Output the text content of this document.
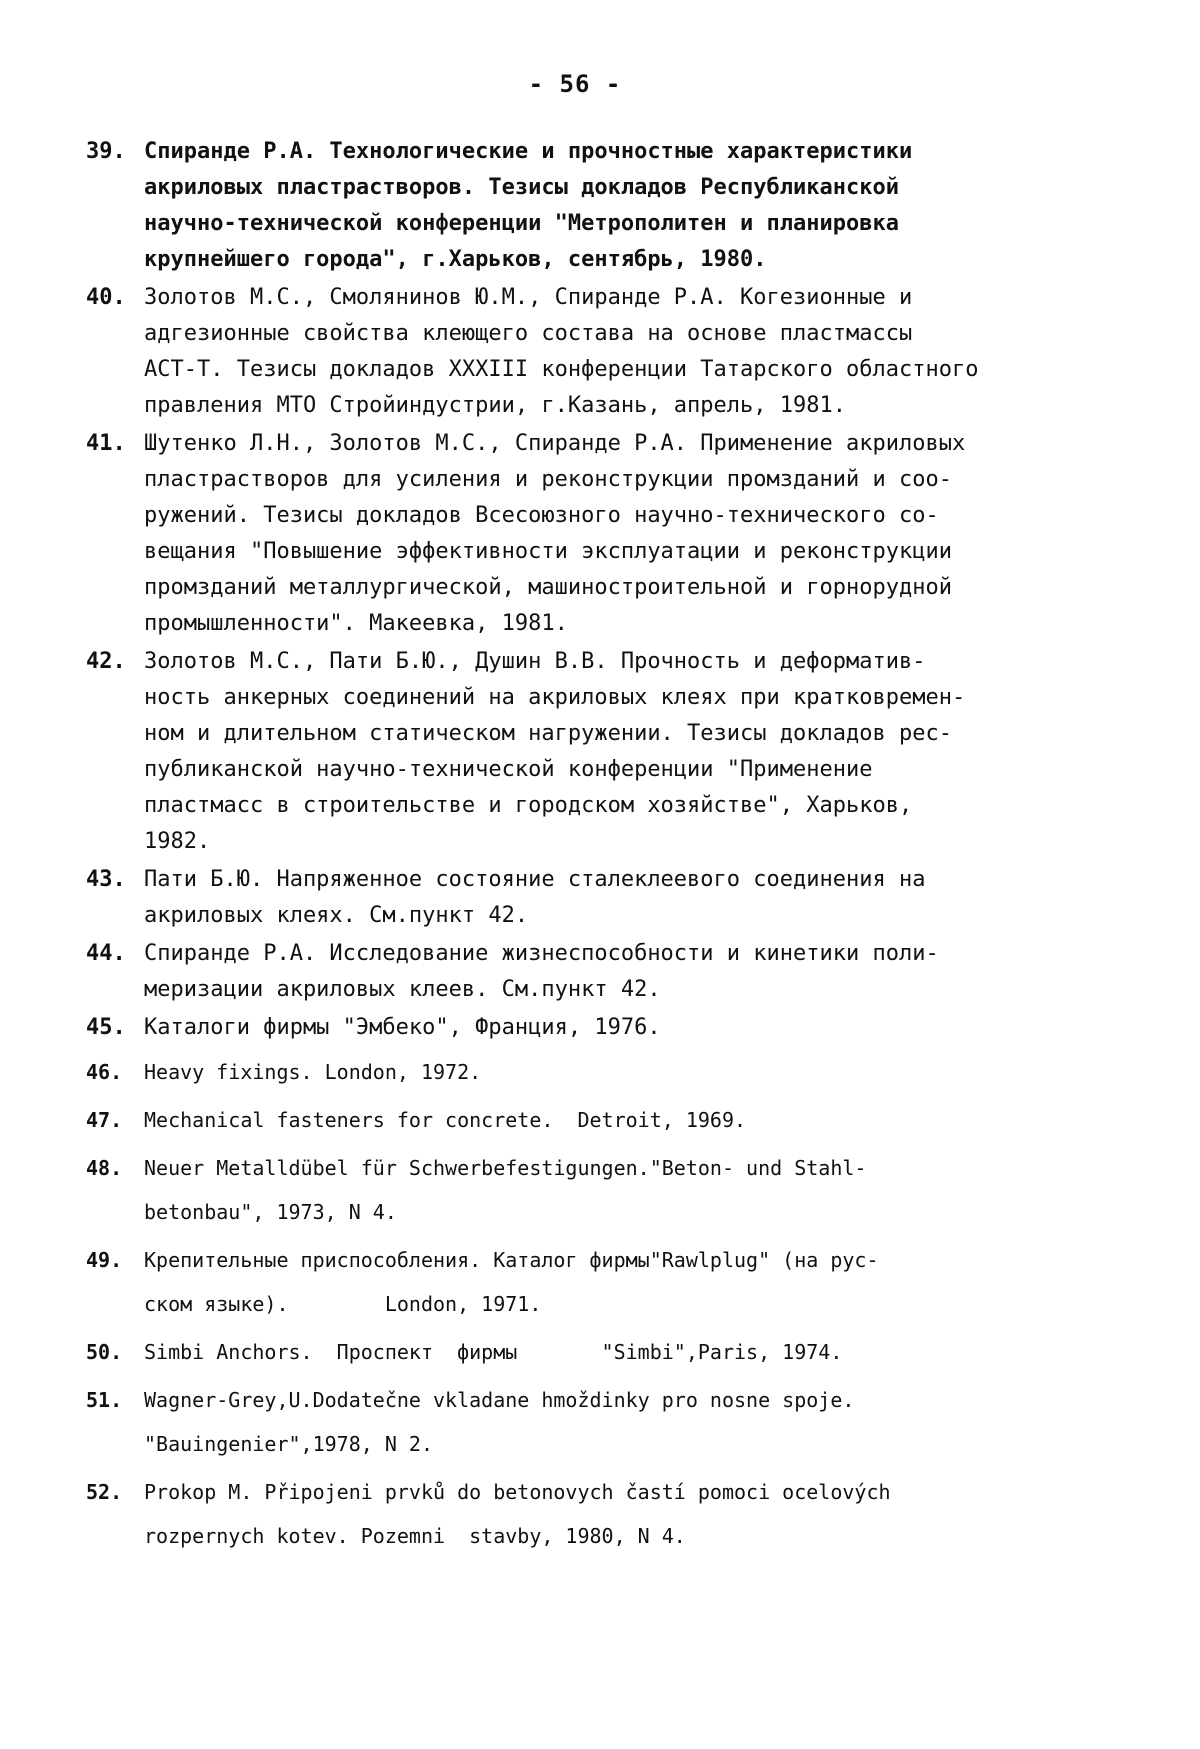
- 56 -
39. Спиранде Р.А. Технологические и прочностные характеристики
акриловых пластрастворов. Тезисы докладов Республиканской
научно-технической конференции "Метрополитен и планировка
крупнейшего города", г.Харьков, сентябрь, 1980.
40. Золотов М.С., Смолянинов Ю.М., Спиранде Р.А. Когезионные и
адгезионные свойства клеющего состава на основе пластмассы
АСТ-Т. Тезисы докладов XXXIII конференции Татарского областного
правления МТО Стройиндустрии, г.Казань, апрель, 1981.
41. Шутенко Л.Н., Золотов М.С., Спиранде Р.А. Применение акриловых
пластрастворов для усиления и реконструкции промзданий и соо-
ружений. Тезисы докладов Всесоюзного научно-технического со-
вещания "Повышение эффективности эксплуатации и реконструкции
промзданий металлургической, машиностроительной и горнорудной
промышленности". Макеевка, 1981.
42. Золотов М.С., Пати Б.Ю., Душин В.В. Прочность и деформатив-
ность анкерных соединений на акриловых клеях при кратковремен-
ном и длительном статическом нагружении. Тезисы докладов рес-
публиканской научно-технической конференции "Применение
пластмасс в строительстве и городском хозяйстве", Харьков,
1982.
43. Пати Б.Ю. Напряженное состояние сталеклеевого соединения на
акриловых клеях. См.пункт 42.
44. Спиранде Р.А. Исследование жизнеспособности и кинетики поли-
меризации акриловых клеев. См.пункт 42.
45. Каталоги фирмы "Эмбеко", Франция, 1976.
46. Heavy fixings. London, 1972.
47. Mechanical fasteners for concrete.  Detroit, 1969.
48. Neuer Metalldübel für Schwerbefestigungen."Beton- und Stahl-
betonbau", 1973, N 4.
49. Крепительные приспособления. Каталог фирмы"Rawlplug" (на рус-
ском языке).        London, 1971.
50. Simbi Anchors.  Проспект  фирмы       "Simbi",Paris, 1974.
51. Wagner-Grey,U.Dodatečne vkladane hmoždinky pro nosne spoje.
"Bauingenier",1978, N 2.
52. Prokop M. Připojeni prvků do betonovych častí pomoci ocelových
rozpernych kotev. Pozemni  stavby, 1980, N 4.
